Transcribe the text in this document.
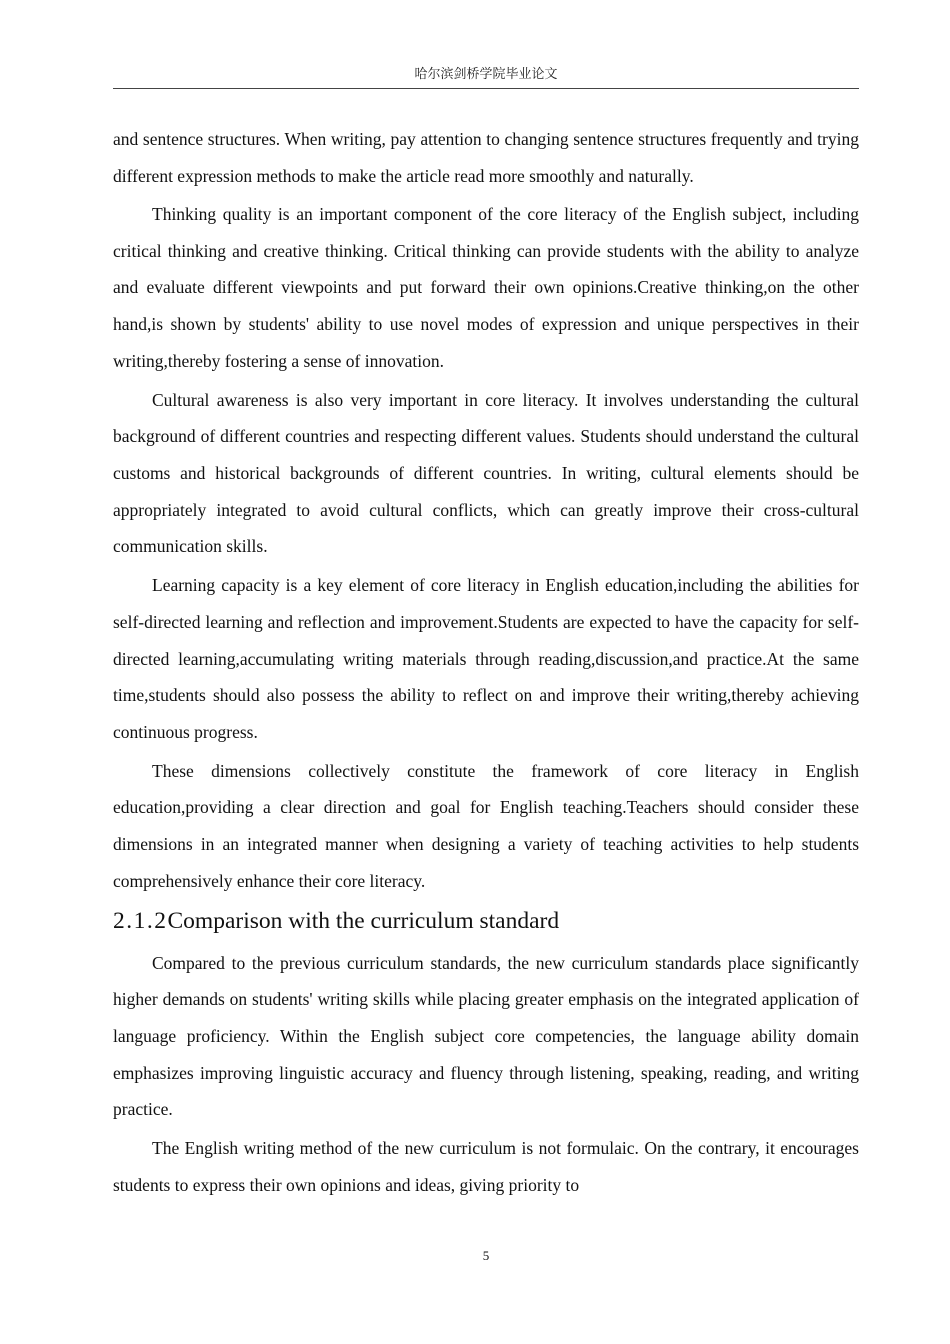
哈尔滨剑桥学院毕业论文

and sentence structures. When writing, pay attention to changing sentence structures frequently and trying different expression methods to make the article read more smoothly and naturally.

Thinking quality is an important component of the core literacy of the English subject, including critical thinking and creative thinking. Critical thinking can provide students with the ability to analyze and evaluate different viewpoints and put forward their own opinions.Creative thinking,on the other hand,is shown by students' ability to use novel modes of expression and unique perspectives in their writing,thereby fostering a sense of innovation.

Cultural awareness is also very important in core literacy. It involves understanding the cultural background of different countries and respecting different values. Students should understand the cultural customs and historical backgrounds of different countries. In writing, cultural elements should be appropriately integrated to avoid cultural conflicts, which can greatly improve their cross-cultural communication skills.

Learning capacity is a key element of core literacy in English education,including the abilities for self-directed learning and reflection and improvement.Students are expected to have the capacity for self-directed learning,accumulating writing materials through reading,discussion,and practice.At the same time,students should also possess the ability to reflect on and improve their writing,thereby achieving continuous progress.

These dimensions collectively constitute the framework of core literacy in English education,providing a clear direction and goal for English teaching.Teachers should consider these dimensions in an integrated manner when designing a variety of teaching activities to help students comprehensively enhance their core literacy.

2.1.2Comparison with the curriculum standard

Compared to the previous curriculum standards, the new curriculum standards place significantly higher demands on students' writing skills while placing greater emphasis on the integrated application of language proficiency. Within the English subject core competencies, the language ability domain emphasizes improving linguistic accuracy and fluency through listening, speaking, reading, and writing practice.

The English writing method of the new curriculum is not formulaic. On the contrary, it encourages students to express their own opinions and ideas, giving priority to

5
